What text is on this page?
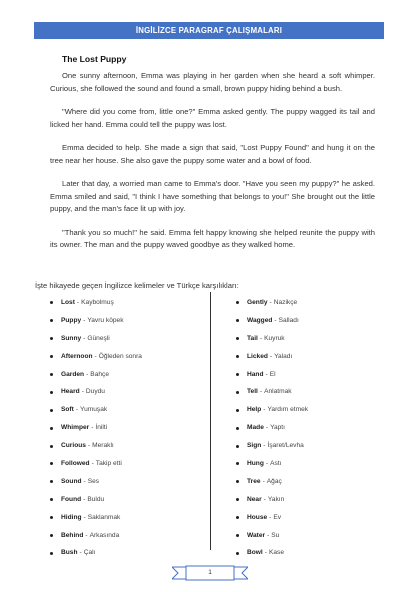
İNGİLİZCE PARAGRAF ÇALIŞMALARI
The Lost Puppy

One sunny afternoon, Emma was playing in her garden when she heard a soft whimper. Curious, she followed the sound and found a small, brown puppy hiding behind a bush.

"Where did you come from, little one?" Emma asked gently. The puppy wagged its tail and licked her hand. Emma could tell the puppy was lost.

Emma decided to help. She made a sign that said, "Lost Puppy Found" and hung it on the tree near her house. She also gave the puppy some water and a bowl of food.

Later that day, a worried man came to Emma's door. "Have you seen my puppy?" he asked. Emma smiled and said, "I think I have something that belongs to you!" She brought out the little puppy, and the man's face lit up with joy.

"Thank you so much!" he said. Emma felt happy knowing she helped reunite the puppy with its owner. The man and the puppy waved goodbye as they walked home.

İşte hikayede geçen İngilizce kelimeler ve Türkçe karşılıkları:
Lost - Kaybolmuş
Puppy - Yavru köpek
Sunny - Güneşli
Afternoon - Öğleden sonra
Garden - Bahçe
Heard - Duydu
Soft - Yumuşak
Whimper - İnilti
Curious - Meraklı
Followed - Takip etti
Sound - Ses
Found - Buldu
Hiding - Saklanmak
Behind - Arkasında
Bush - Çalı
Gently - Nazikçe
Wagged - Salladı
Tail - Kuyruk
Licked - Yaladı
Hand - El
Tell - Anlatmak
Help - Yardım etmek
Made - Yaptı
Sign - İşaret/Levha
Hung - Astı
Tree - Ağaç
Near - Yakın
House - Ev
Water - Su
Bowl - Kase
1
